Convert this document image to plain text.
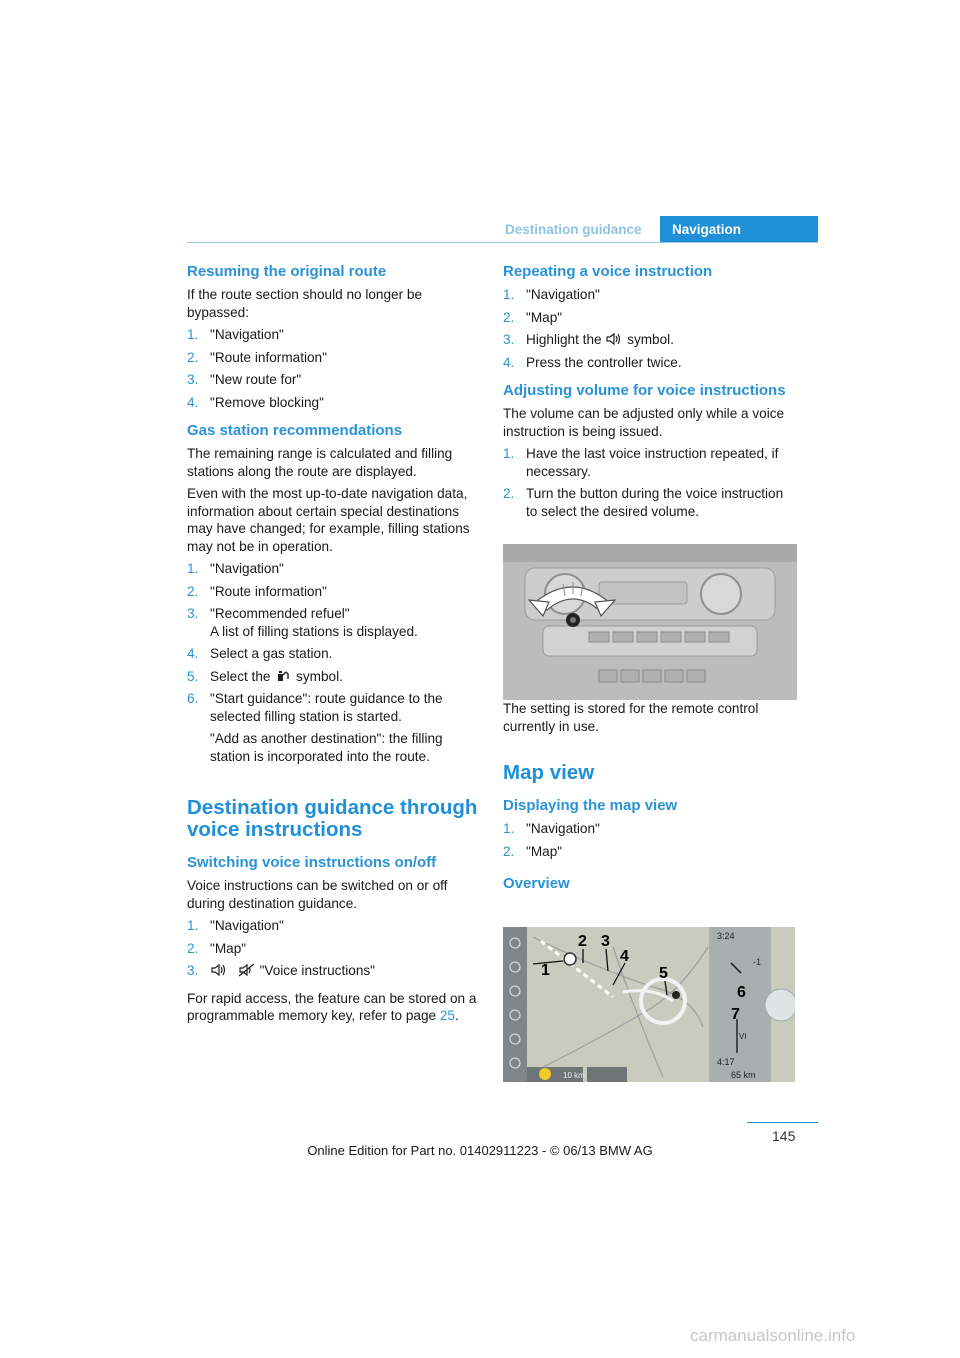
Destination guidance	Navigation
Resuming the original route

If the route section should no longer be bypassed:

1. "Navigation"
2. "Route information"
3. "New route for"
4. "Remove blocking"
Gas station recommendations

The remaining range is calculated and filling stations along the route are displayed.

Even with the most up-to-date navigation data, information about certain special destinations may have changed; for example, filling stations may not be in operation.

1. "Navigation"
2. "Route information"
3. "Recommended refuel"
A list of filling stations is displayed.
4. Select a gas station.
5. Select the symbol.
6. "Start guidance": route guidance to the selected filling station is started.
"Add as another destination": the filling station is incorporated into the route.
Destination guidance through voice instructions
Switching voice instructions on/off

Voice instructions can be switched on or off during destination guidance.

1. "Navigation"
2. "Map"
3.	"Voice instructions"

For rapid access, the feature can be stored on a programmable memory key, refer to page 25.

Repeating a voice instruction
1. "Navigation"
2. "Map"
3. Highlight the symbol.
4. Press the controller twice.
Adjusting volume for voice instructions

The volume can be adjusted only while a voice instruction is being issued.

1. Have the last voice instruction repeated, if necessary.
2. Turn the button during the voice instruction to select the desired volume.

The setting is stored for the remote control currently in use.

Map view
Displaying the map view
1. "Navigation"
2. "Map"
Overview
3:24
-1
VI
4:17
65 km
10 km
1
2 3
4
5
6
7
145
Online Edition for Part no. 01402911223 - © 06/13 BMW AG
carmanualsonline.info
